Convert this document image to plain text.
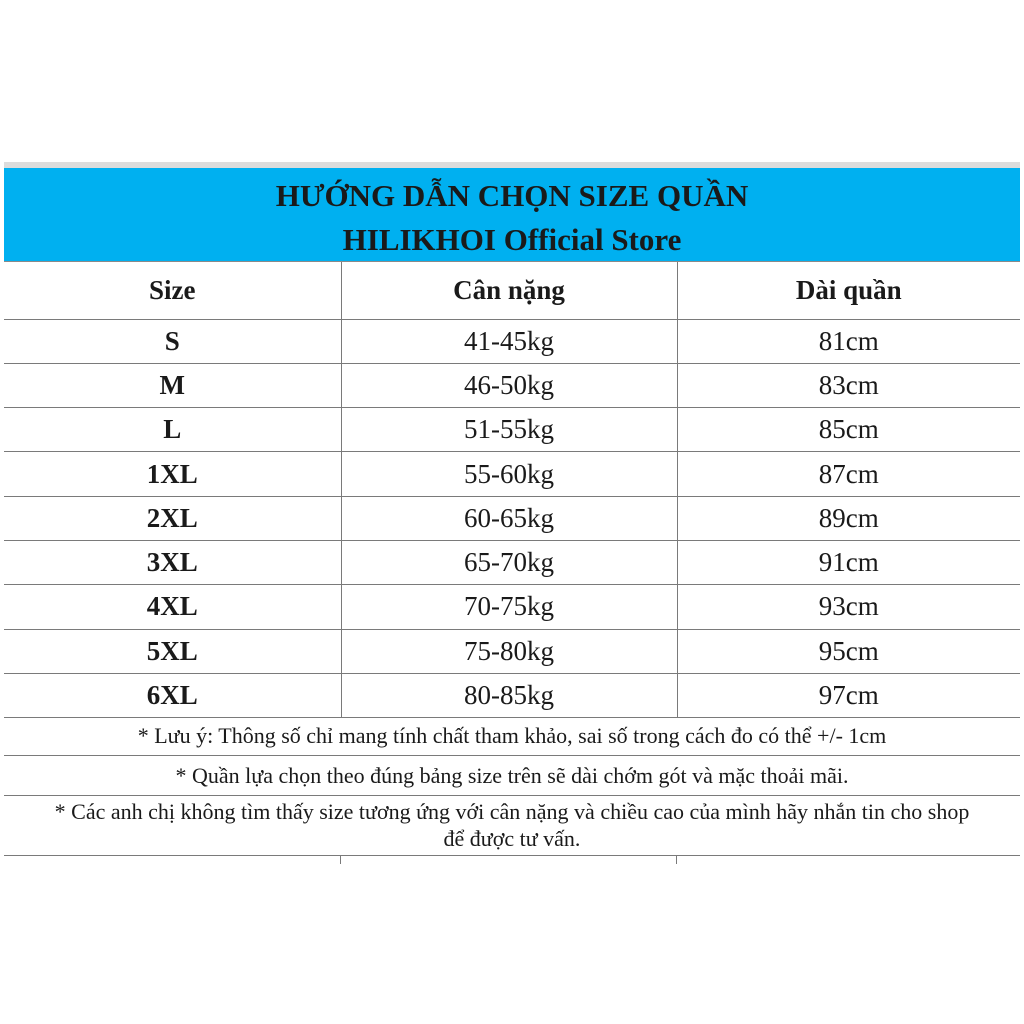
HƯỚNG DẪN CHỌN SIZE QUẦN
HILIKHOI Official Store
Size	Cân nặng	Dài quần
S	41-45kg	81cm
M	46-50kg	83cm
L	51-55kg	85cm
1XL	55-60kg	87cm
2XL	60-65kg	89cm
3XL	65-70kg	91cm
4XL	70-75kg	93cm
5XL	75-80kg	95cm
6XL	80-85kg	97cm
* Lưu ý: Thông số chỉ mang tính chất tham khảo, sai số trong cách đo có thể +/- 1cm
* Quần lựa chọn theo đúng bảng size trên sẽ dài chớm gót và mặc thoải mãi.
* Các anh chị không tìm thấy size tương ứng với cân nặng và chiều cao của mình hãy nhắn tin cho shop
để được tư vấn.
